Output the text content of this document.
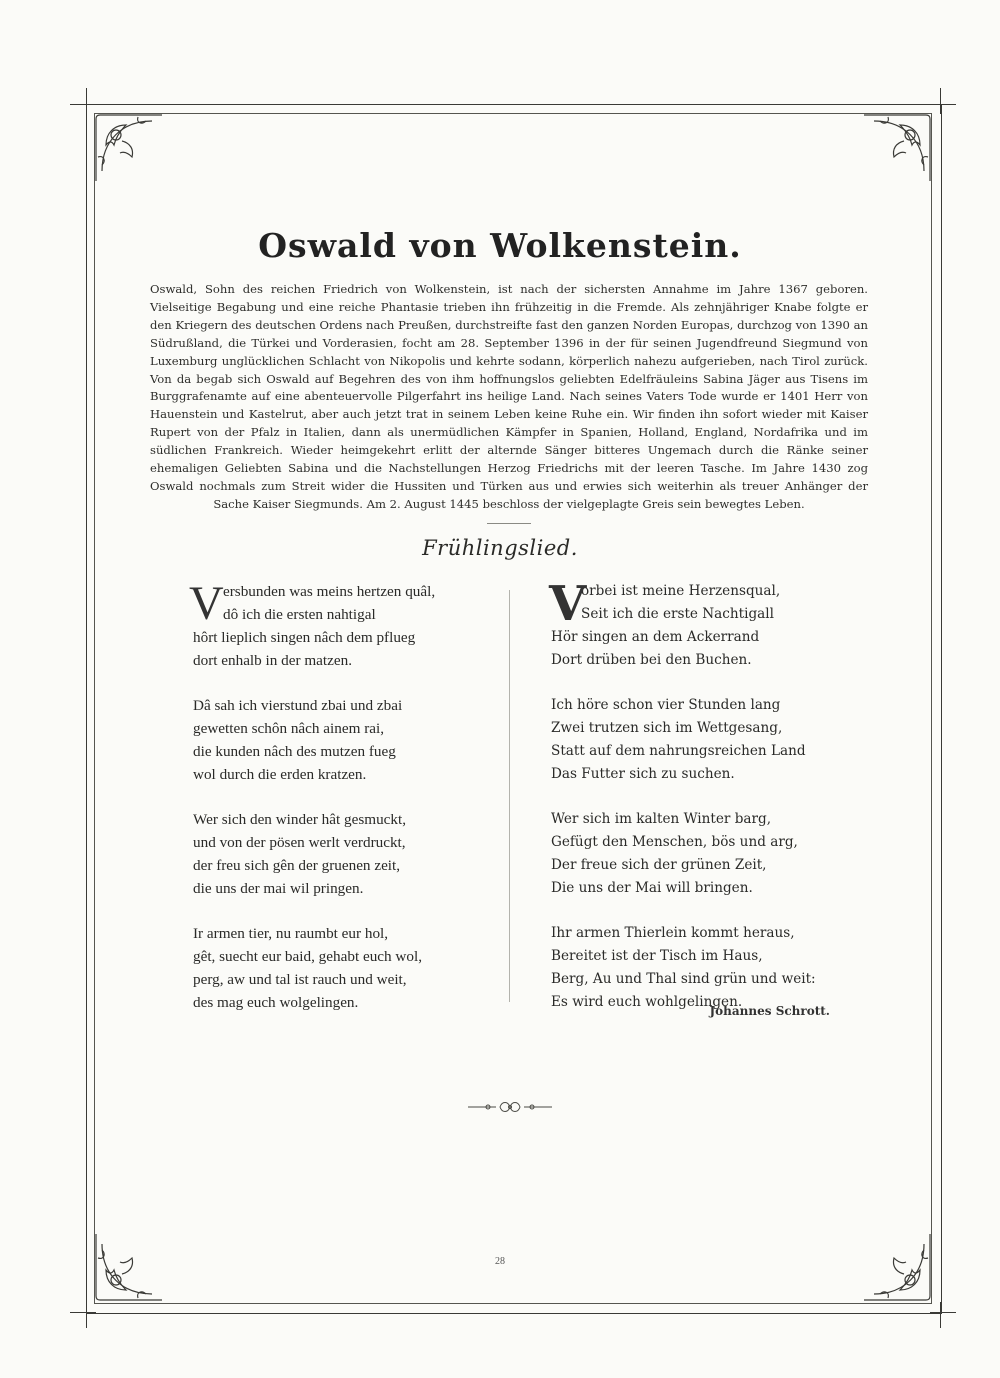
Oswald von Wolkenstein.
Oswald, Sohn des reichen Friedrich von Wolkenstein, ist nach der sichersten Annahme im Jahre 1367 geboren. Vielseitige Begabung und eine reiche Phantasie trieben ihn frühzeitig in die Fremde. Als zehnjähriger Knabe folgte er den Kriegern des deutschen Ordens nach Preußen, durchstreifte fast den ganzen Norden Europas, durchzog von 1390 an Südrußland, die Türkei und Vorderasien, focht am 28. September 1396 in der für seinen Jugendfreund Siegmund von Luxemburg unglücklichen Schlacht von Nikopolis und kehrte sodann, körperlich nahezu aufgerieben, nach Tirol zurück. Von da begab sich Oswald auf Begehren des von ihm hoffnungslos geliebten Edelfräuleins Sabina Jäger aus Tisens im Burggrafenamte auf eine abenteuervolle Pilgerfahrt ins heilige Land. Nach seines Vaters Tode wurde er 1401 Herr von Hauenstein und Kastelrut, aber auch jetzt trat in seinem Leben keine Ruhe ein. Wir finden ihn sofort wieder mit Kaiser Rupert von der Pfalz in Italien, dann als unermüdlichen Kämpfer in Spanien, Holland, England, Nordafrika und im südlichen Frankreich. Wieder heimgekehrt erlitt der alternde Sänger bitteres Ungemach durch die Ränke seiner ehemaligen Geliebten Sabina und die Nachstellungen Herzog Friedrichs mit der leeren Tasche. Im Jahre 1430 zog Oswald nochmals zum Streit wider die Hussiten und Türken aus und erwies sich weiterhin als treuer Anhänger der Sache Kaiser Siegmunds. Am 2. August 1445 beschloss der vielgeplagte Greis sein bewegtes Leben.
Frühlingslied.
V ersbunden was meins hertzen quâl,
dô ich die ersten nahtigal
hôrt lieplich singen nâch dem pflueg
dort enhalb in der matzen.
Dâ sah ich vierstund zbai und zbai
gewetten schôn nâch ainem rai,
die kunden nâch des mutzen fueg
wol durch die erden kratzen.
Wer sich den winder hât gesmuckt,
und von der pösen werlt verdruckt,
der freu sich gên der gruenen zeit,
die uns der mai wil pringen.
Ir armen tier, nu raumbt eur hol,
gêt, suecht eur baid, gehabt euch wol,
perg, aw und tal ist rauch und weit,
des mag euch wolgelingen.
V
orbei ist meine Herzensqual,
Seit ich die erste Nachtigall
Hör singen an dem Ackerrand
Dort drüben bei den Buchen.
Ich höre schon vier Stunden lang
Zwei trutzen sich im Wettgesang,
Statt auf dem nahrungsreichen Land
Das Futter sich zu suchen.
Wer sich im kalten Winter barg,
Gefügt den Menschen, bös und arg,
Der freue sich der grünen Zeit,
Die uns der Mai will bringen.
Ihr armen Thierlein kommt heraus,
Bereitet ist der Tisch im Haus,
Berg, Au und Thal sind grün und weit:
Es wird euch wohlgelingen.
Johannes Schrott.
28
